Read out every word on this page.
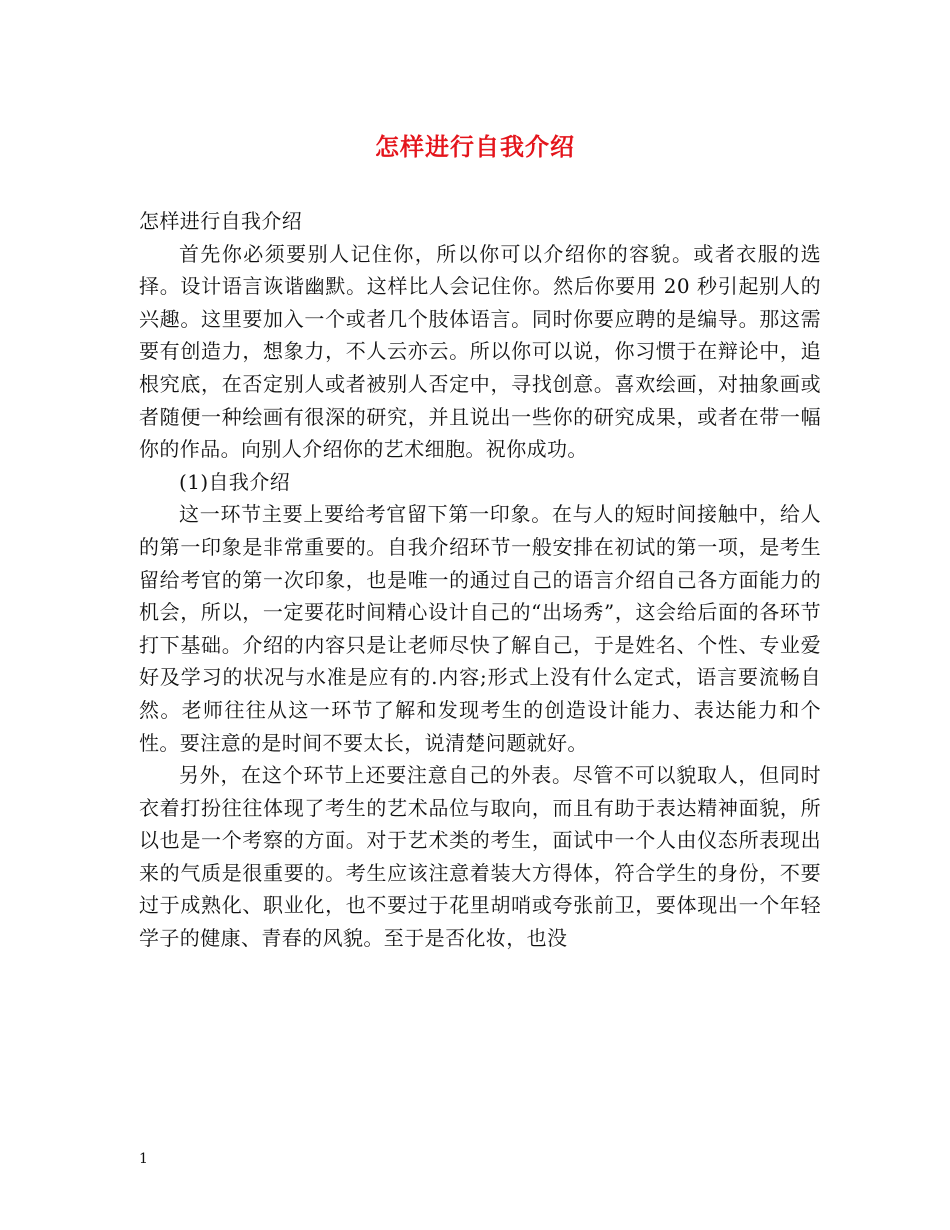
怎样进行自我介绍

怎样进行自我介绍

首先你必须要别人记住你，所以你可以介绍你的容貌。或者衣服的选择。设计语言诙谐幽默。这样比人会记住你。然后你要用 20 秒引起别人的兴趣。这里要加入一个或者几个肢体语言。同时你要应聘的是编导。那这需要有创造力，想象力，不人云亦云。所以你可以说，你习惯于在辩论中，追根究底，在否定别人或者被别人否定中，寻找创意。喜欢绘画，对抽象画或者随便一种绘画有很深的研究，并且说出一些你的研究成果，或者在带一幅你的作品。向别人介绍你的艺术细胞。祝你成功。

(1)自我介绍

这一环节主要上要给考官留下第一印象。在与人的短时间接触中，给人的第一印象是非常重要的。自我介绍环节一般安排在初试的第一项，是考生留给考官的第一次印象，也是唯一的通过自己的语言介绍自己各方面能力的机会，所以，一定要花时间精心设计自己的“出场秀”，这会给后面的各环节打下基础。介绍的内容只是让老师尽快了解自己，于是姓名、个性、专业爱好及学习的状况与水准是应有的.内容;形式上没有什么定式，语言要流畅自然。老师往往从这一环节了解和发现考生的创造设计能力、表达能力和个性。要注意的是时间不要太长，说清楚问题就好。

另外，在这个环节上还要注意自己的外表。尽管不可以貌取人，但同时衣着打扮往往体现了考生的艺术品位与取向，而且有助于表达精神面貌，所以也是一个考察的方面。对于艺术类的考生，面试中一个人由仪态所表现出来的气质是很重要的。考生应该注意着装大方得体，符合学生的身份，不要过于成熟化、职业化，也不要过于花里胡哨或夸张前卫，要体现出一个年轻学子的健康、青春的风貌。至于是否化妆，也没

1
